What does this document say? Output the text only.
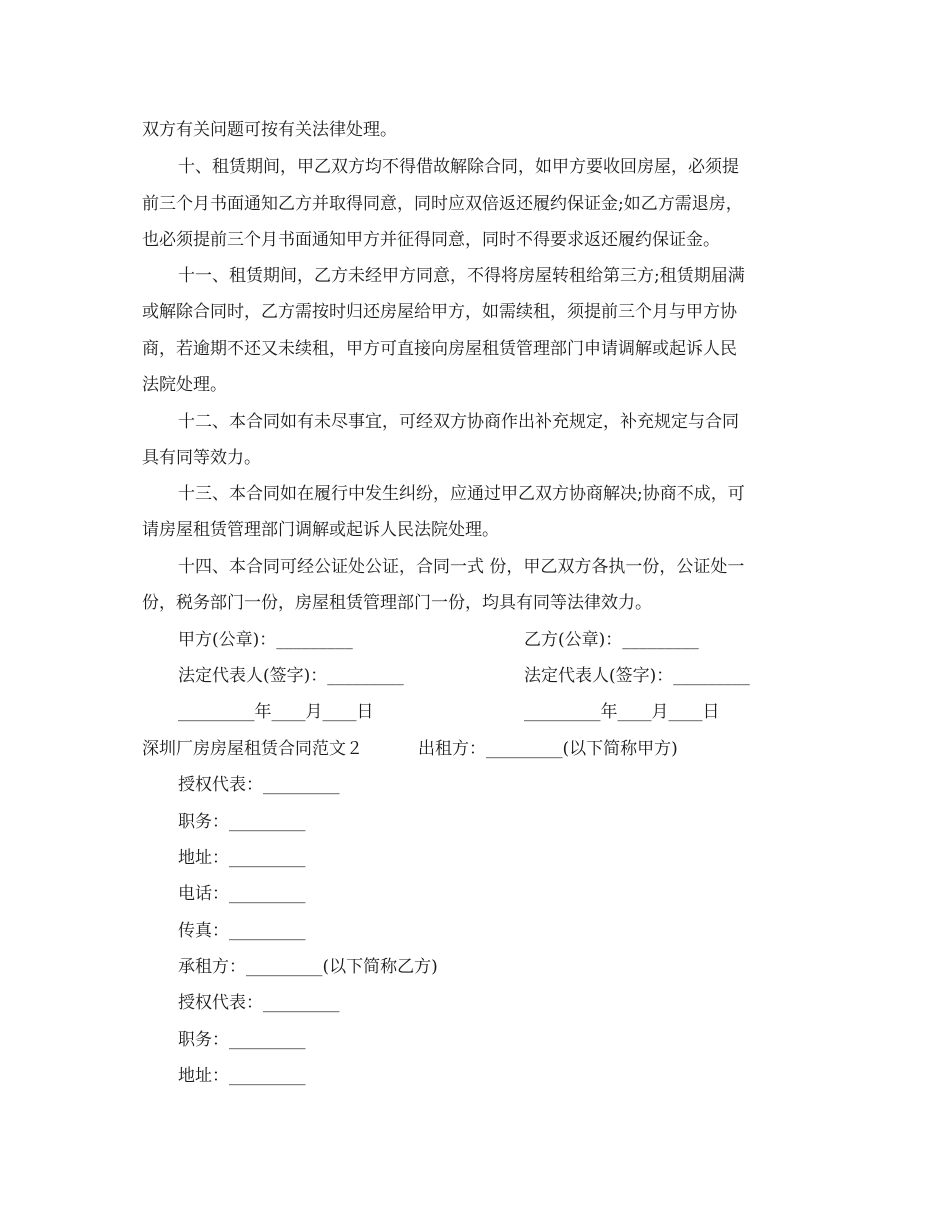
双方有关问题可按有关法律处理。
十、租赁期间，甲乙双方均不得借故解除合同，如甲方要收回房屋，必须提
前三个月书面通知乙方并取得同意，同时应双倍返还履约保证金;如乙方需退房，
也必须提前三个月书面通知甲方并征得同意，同时不得要求返还履约保证金。
十一、租赁期间，乙方未经甲方同意，不得将房屋转租给第三方;租赁期届满
或解除合同时，乙方需按时归还房屋给甲方，如需续租，须提前三个月与甲方协
商，若逾期不还又未续租，甲方可直接向房屋租赁管理部门申请调解或起诉人民
法院处理。
十二、本合同如有未尽事宜，可经双方协商作出补充规定，补充规定与合同
具有同等效力。
十三、本合同如在履行中发生纠纷，应通过甲乙双方协商解决;协商不成，可
请房屋租赁管理部门调解或起诉人民法院处理。
十四、本合同可经公证处公证，合同一式 份，甲乙双方各执一份，公证处一
份，税务部门一份，房屋租赁管理部门一份，均具有同等法律效力。
甲方(公章)：_________	乙方(公章)：_________
法定代表人(签字)：_________	法定代表人(签字)：_________
_________年____月____日	_________年____月____日
深圳厂房房屋租赁合同范文２	出租方：_________(以下简称甲方)
授权代表：_________
职务：_________
地址：_________
电话：_________
传真：_________
承租方：_________(以下简称乙方)
授权代表：_________
职务：_________
地址：_________
